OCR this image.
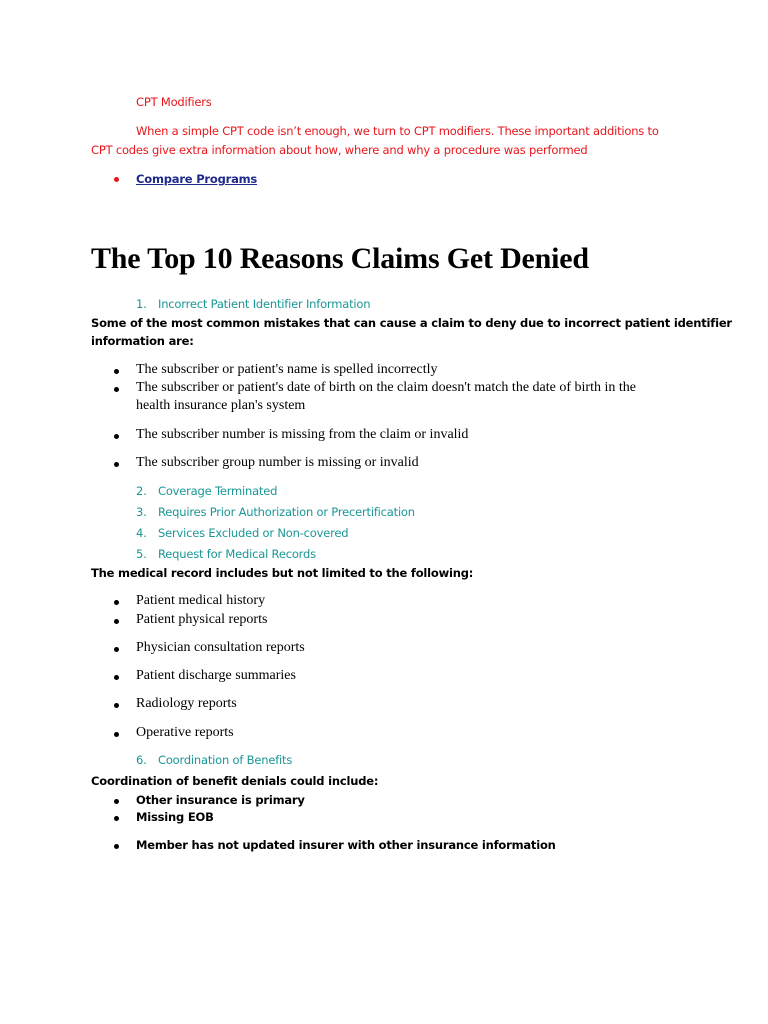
CPT Modifiers
When a simple CPT code isn’t enough, we turn to CPT modifiers. These important additions to
CPT codes give extra information about how, where and why a procedure was performed
Compare Programs
The Top 10 Reasons Claims Get Denied
1. Incorrect Patient Identifier Information
Some of the most common mistakes that can cause a claim to deny due to incorrect patient identifier
information are:
The subscriber or patient's name is spelled incorrectly
The subscriber or patient's date of birth on the claim doesn't match the date of birth in the
health insurance plan's system
The subscriber number is missing from the claim or invalid
The subscriber group number is missing or invalid
2. Coverage Terminated
3. Requires Prior Authorization or Precertification
4. Services Excluded or Non-covered
5. Request for Medical Records
The medical record includes but not limited to the following:
Patient medical history
Patient physical reports
Physician consultation reports
Patient discharge summaries
Radiology reports
Operative reports
6. Coordination of Benefits
Coordination of benefit denials could include:
Other insurance is primary
Missing EOB
Member has not updated insurer with other insurance information
